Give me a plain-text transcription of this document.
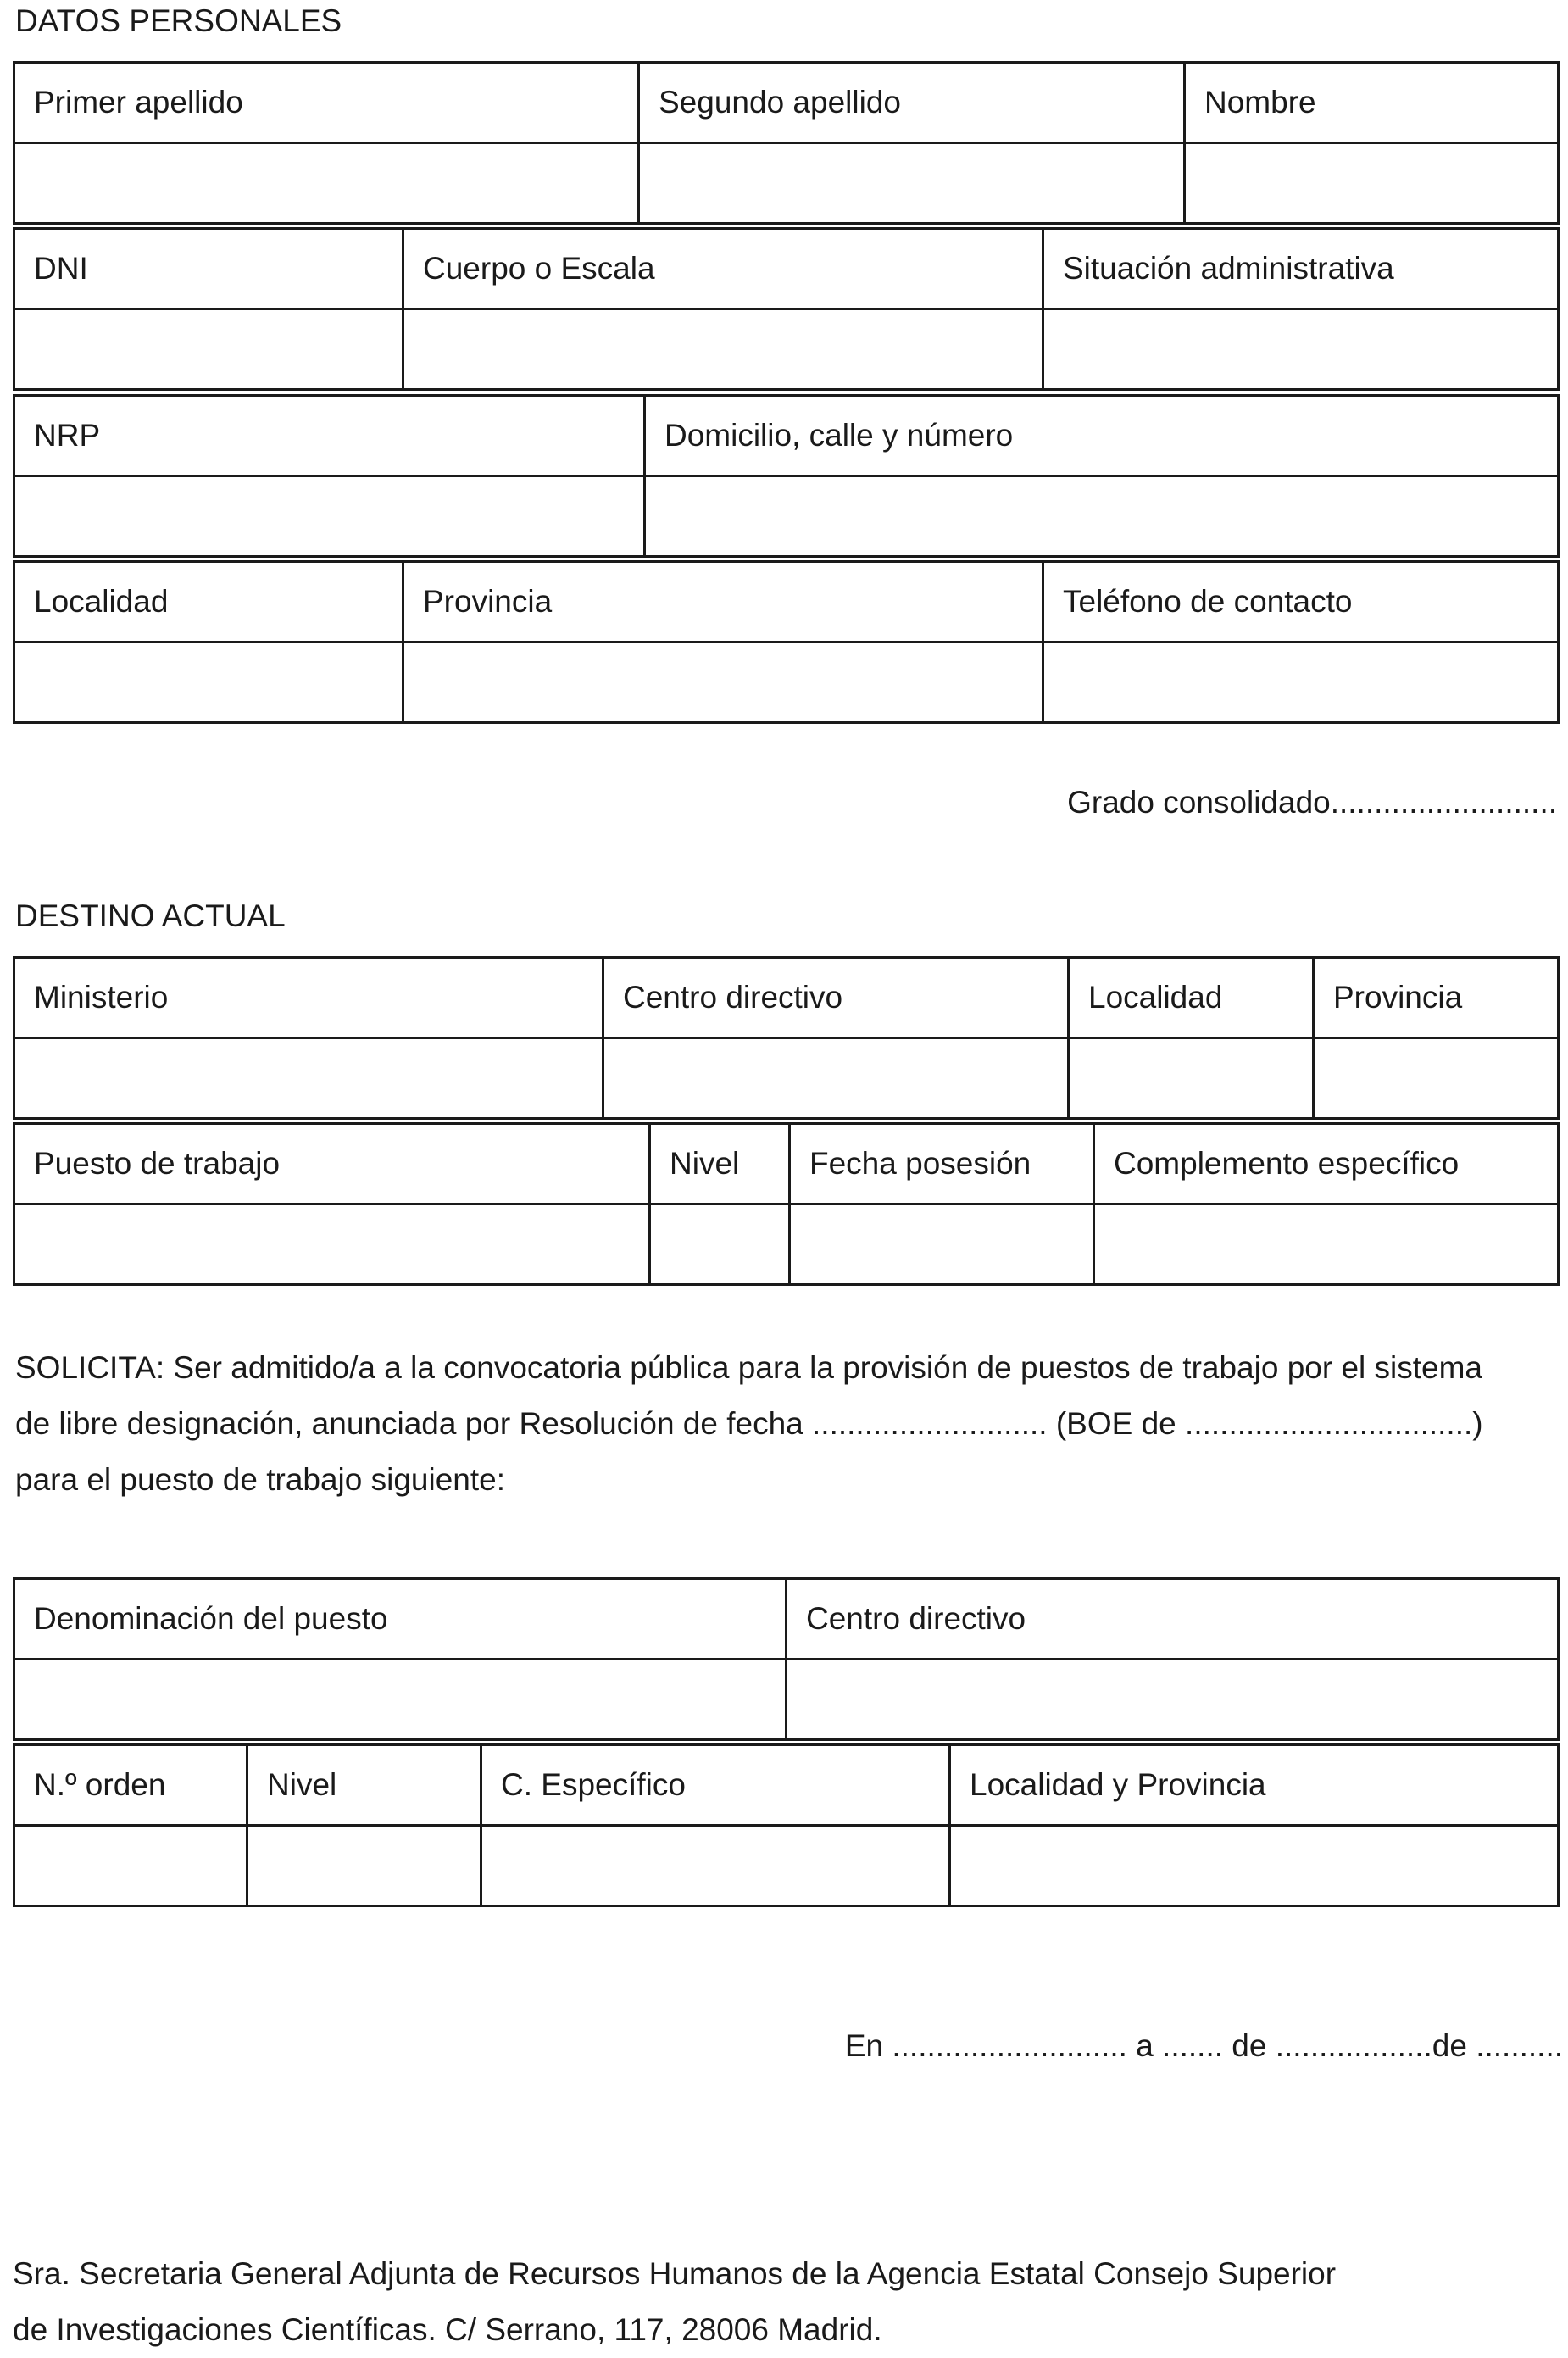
DATOS PERSONALES
Primer apellido	Segundo apellido	Nombre

DNI	Cuerpo o Escala	Situación administrativa

NRP	Domicilio, calle y número

Localidad	Provincia	Teléfono de contacto

Grado consolidado..........................
DESTINO ACTUAL
Ministerio	Centro directivo	Localidad	Provincia

Puesto de trabajo	Nivel	Fecha posesión	Complemento específico

SOLICITA: Ser admitido/a a la convocatoria pública para la provisión de puestos de trabajo por el sistema
de libre designación, anunciada por Resolución de fecha ........................... (BOE de .................................)
para el puesto de trabajo siguiente:
Denominación del puesto	Centro directivo

N.º orden	Nivel	C. Específico	Localidad y Provincia

En ........................... a ....... de ..................de ..........
Sra. Secretaria General Adjunta de Recursos Humanos de la Agencia Estatal Consejo Superior
de Investigaciones Científicas. C/ Serrano, 117, 28006 Madrid.
